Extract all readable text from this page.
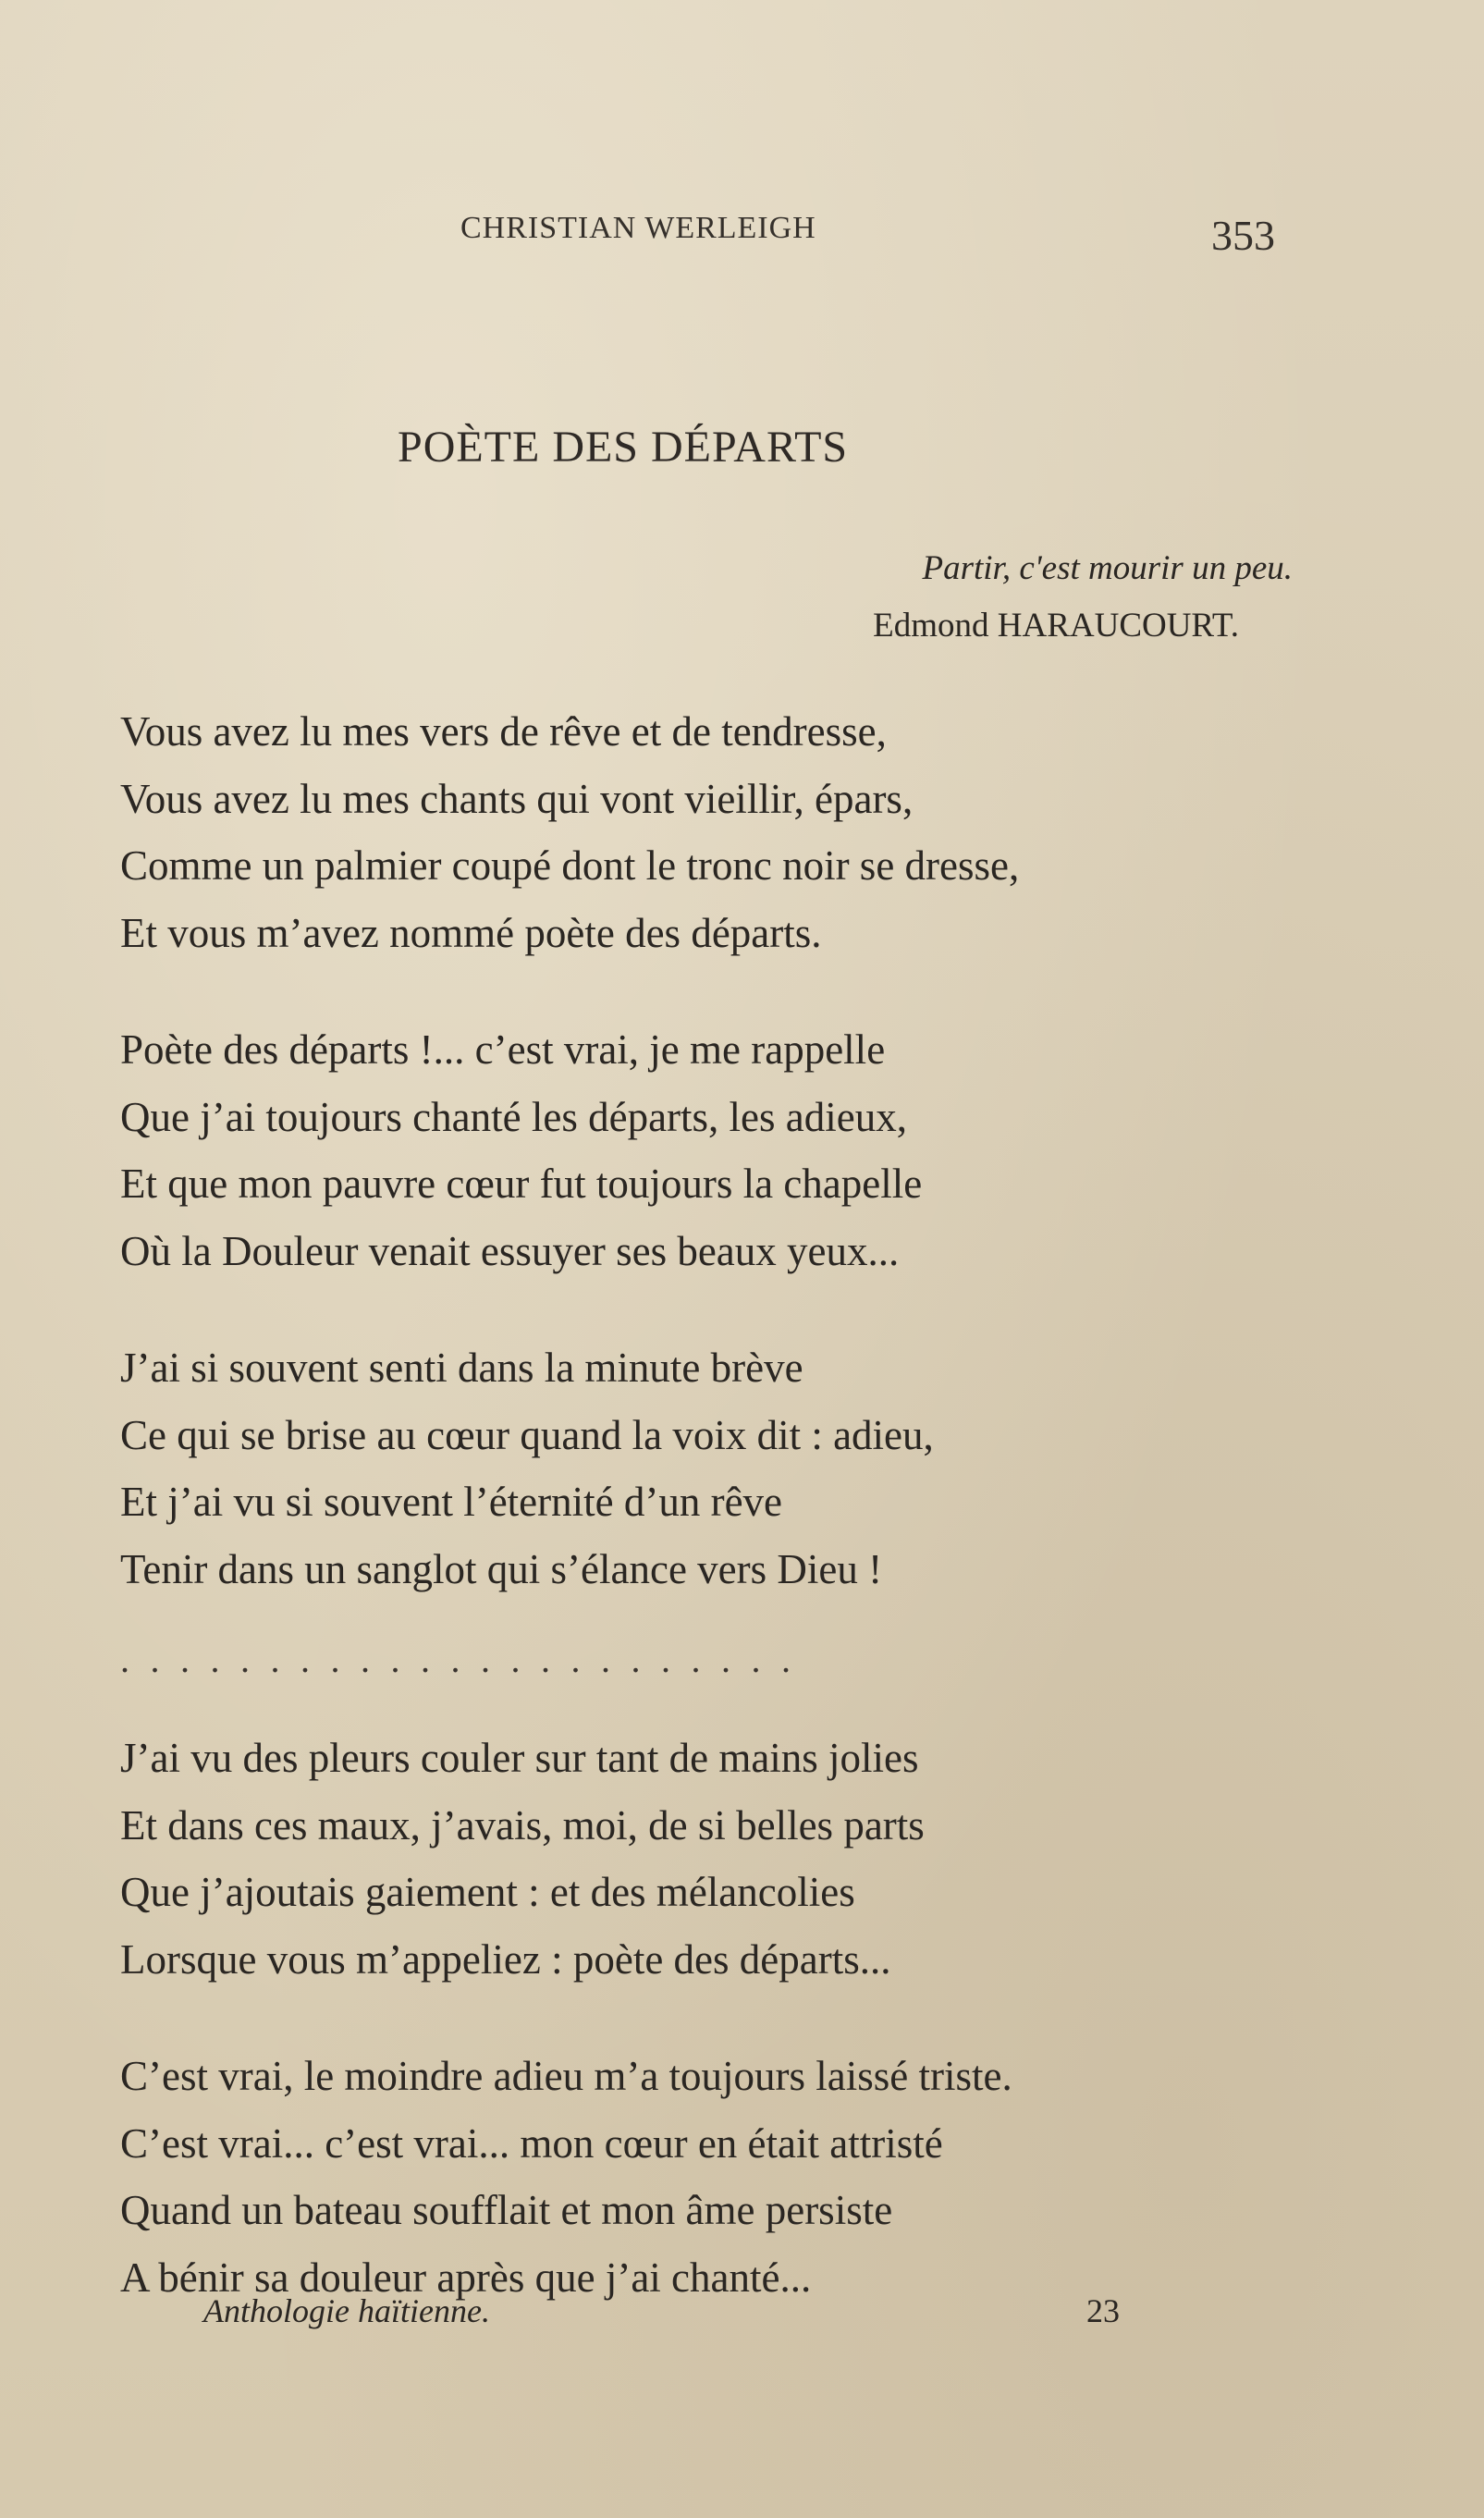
CHRISTIAN WERLEIGH	353
POÈTE DES DÉPARTS
Partir, c'est mourir un peu.
Edmond HARAUCOURT.
Vous avez lu mes vers de rêve et de tendresse,
Vous avez lu mes chants qui vont vieillir, épars,
Comme un palmier coupé dont le tronc noir se dresse,
Et vous m’avez nommé poète des départs.
Poète des départs !... c’est vrai, je me rappelle
Que j’ai toujours chanté les départs, les adieux,
Et que mon pauvre cœur fut toujours la chapelle
Où la Douleur venait essuyer ses beaux yeux...
J’ai si souvent senti dans la minute brève
Ce qui se brise au cœur quand la voix dit : adieu,
Et j’ai vu si souvent l’éternité d’un rêve
Tenir dans un sanglot qui s’élance vers Dieu !
.......................
J’ai vu des pleurs couler sur tant de mains jolies
Et dans ces maux, j’avais, moi, de si belles parts
Que j’ajoutais gaiement : et des mélancolies
Lorsque vous m’appeliez : poète des départs...
C’est vrai, le moindre adieu m’a toujours laissé triste.
C’est vrai... c’est vrai... mon cœur en était attristé
Quand un bateau soufflait et mon âme persiste
A bénir sa douleur après que j’ai chanté...
Anthologie haïtienne.	23
